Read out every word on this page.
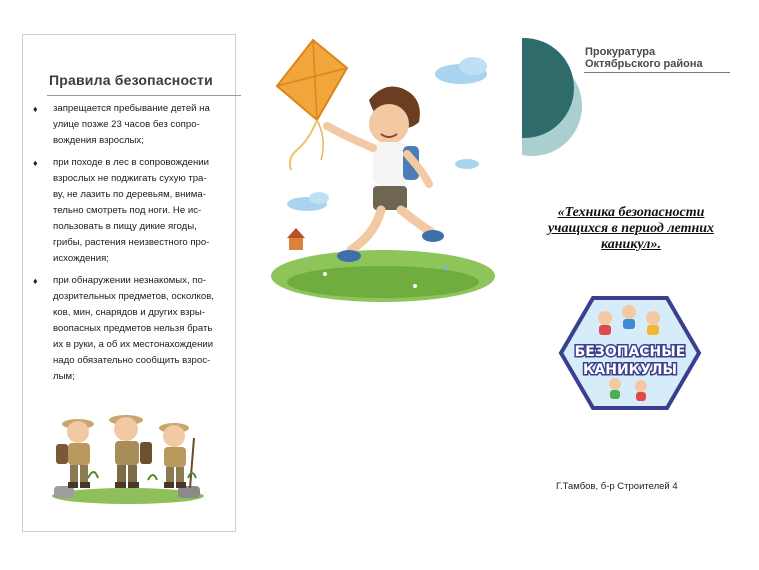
Правила безопасности
♦ запрещается пребывание детей на
улице позже 23 часов без сопро-
вождения взрослых;
♦ при походе в лес в сопровождении
взрослых не поджигать сухую тра-
ву, не лазить по деревьям, внима-
тельно смотреть под ноги. Не ис-
пользовать в пищу дикие ягоды,
грибы, растения неизвестного про-
исхождения;
♦ при обнаружении незнакомых, по-
дозрительных предметов, осколков,
ков, мин, снарядов и других взры-
воопасных предметов нельзя брать
их в руки, а об их местонахождении
надо обязательно сообщить взрос-
лым;
Прокуратура
Октябрьского района
«Техника безопасности
учащихся в период летних
каникул».
БЕЗОПАСНЫЕ
КАНИКУЛЫ
Г.Тамбов, б-р Строителей 4
